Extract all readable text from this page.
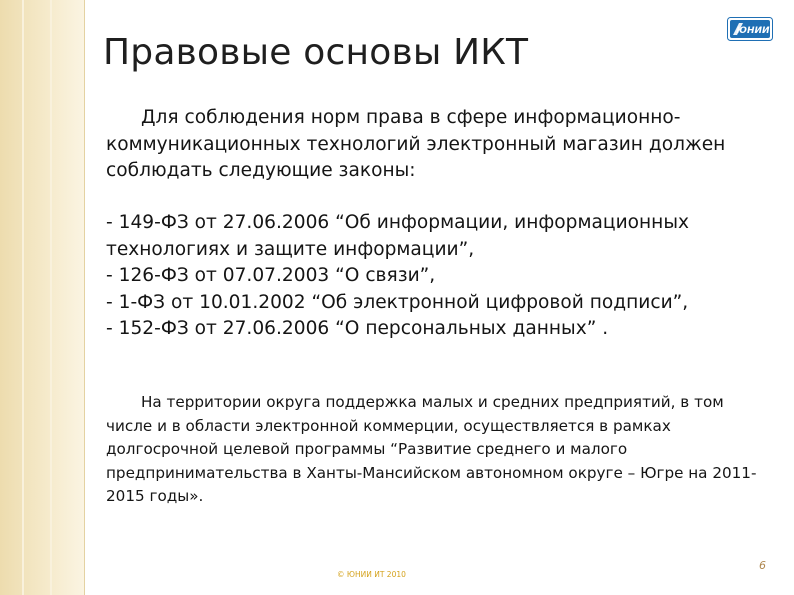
Правовые основы ИКТ
ЮНИИ
Для соблюдения норм права в сфере информационно-коммуникационных технологий электронный магазин должен соблюдать следующие законы:
- 149-ФЗ от 27.06.2006 “Об информации, информационных технологиях и защите информации”,
- 126-ФЗ от 07.07.2003 “О связи”,
- 1-ФЗ от 10.01.2002 “Об электронной цифровой подписи”,
- 152-ФЗ от 27.06.2006 “О персональных данных” .
На территории округа поддержка малых и средних предприятий, в том числе и в области электронной коммерции, осуществляется в рамках долгосрочной целевой программы “Развитие среднего и малого предпринимательства в Ханты-Мансийском автономном округе – Югре на 2011-2015 годы».
© ЮНИИ ИТ 2010
6
